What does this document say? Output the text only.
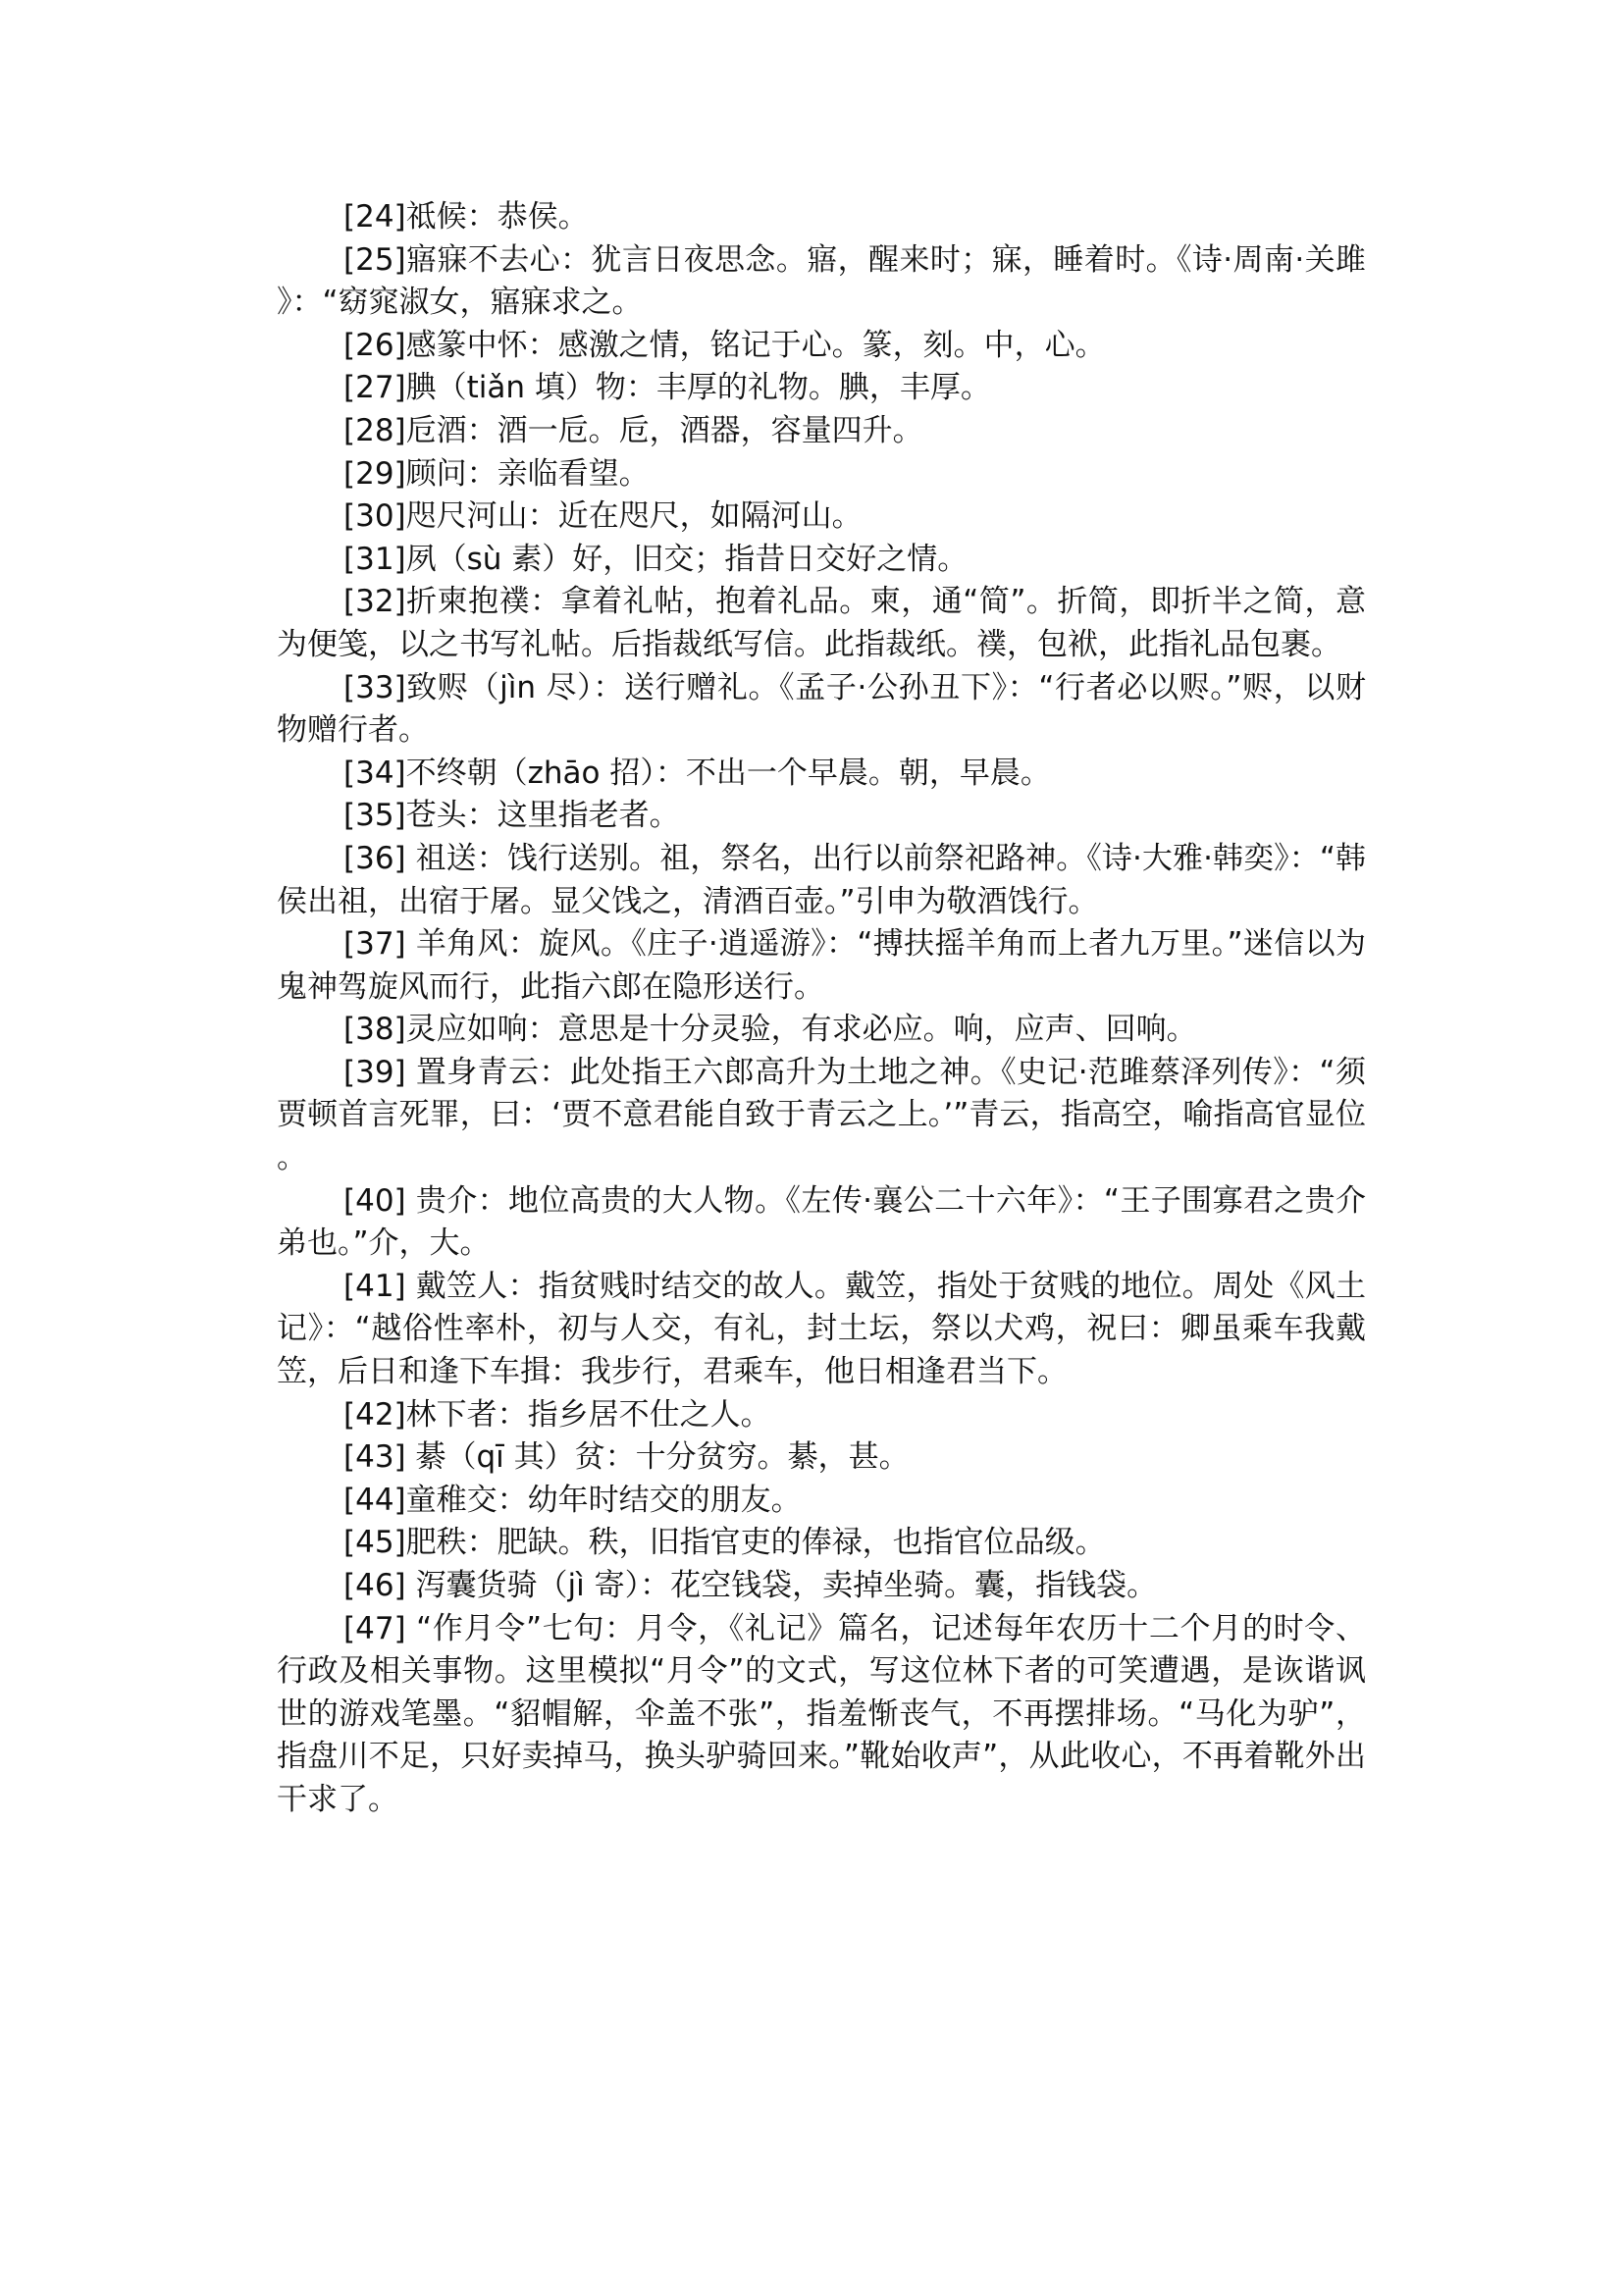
[24]祗候：恭侯。

[25]寤寐不去心：犹言日夜思念。寤，醒来时；寐，睡着时。《诗·周南·关雎》：“窈窕淑女，寤寐求之。

[26]感篆中怀：感激之情，铭记于心。篆，刻。中，心。

[27]腆（tiǎn 填）物：丰厚的礼物。腆，丰厚。

[28]卮酒：酒一卮。卮，酒器，容量四升。

[29]顾问：亲临看望。

[30]咫尺河山：近在咫尺，如隔河山。

[31]夙（sù 素）好，旧交；指昔日交好之情。

[32]折柬抱襆：拿着礼帖，抱着礼品。柬，通“简”。折简，即折半之简，意为便笺，以之书写礼帖。后指裁纸写信。此指裁纸。襆，包袱，此指礼品包裹。

[33]致赆（jìn 尽）：送行赠礼。《孟子·公孙丑下》：“行者必以赆。”赆，以财物赠行者。

[34]不终朝（zhāo 招）：不出一个早晨。朝，早晨。

[35]苍头：这里指老者。

[36] 祖送：饯行送别。祖，祭名，出行以前祭祀路神。《诗·大雅·韩奕》：“韩侯出祖，出宿于屠。显父饯之，清酒百壶。”引申为敬酒饯行。

[37] 羊角风：旋风。《庄子·逍遥游》：“搏扶摇羊角而上者九万里。”迷信以为鬼神驾旋风而行，此指六郎在隐形送行。

[38]灵应如响：意思是十分灵验，有求必应。响，应声、回响。

[39] 置身青云：此处指王六郎高升为土地之神。《史记·范雎蔡泽列传》：“须贾顿首言死罪，曰：‘贾不意君能自致于青云之上。’”青云，指高空，喻指高官显位。

[40] 贵介：地位高贵的大人物。《左传·襄公二十六年》：“王子围寡君之贵介弟也。”介，大。

[41] 戴笠人：指贫贱时结交的故人。戴笠，指处于贫贱的地位。周处《风土记》：“越俗性率朴，初与人交，有礼，封土坛，祭以犬鸡，祝曰：卿虽乘车我戴笠，后日和逢下车揖：我步行，君乘车，他日相逢君当下。

[42]林下者：指乡居不仕之人。

[43] 綦（qī 其）贫：十分贫穷。綦，甚。

[44]童稚交：幼年时结交的朋友。

[45]肥秩：肥缺。秩，旧指官吏的俸禄，也指官位品级。

[46] 泻囊货骑（jì 寄）：花空钱袋，卖掉坐骑。囊，指钱袋。

[47] “作月令”七句：月令，《礼记》篇名，记述每年农历十二个月的时令、行政及相关事物。这里模拟“月令”的文式，写这位林下者的可笑遭遇，是诙谐讽世的游戏笔墨。“貂帽解，伞盖不张”，指羞惭丧气，不再摆排场。“马化为驴”，指盘川不足，只好卖掉马，换头驴骑回来。”靴始收声”，从此收心，不再着靴外出干求了。
